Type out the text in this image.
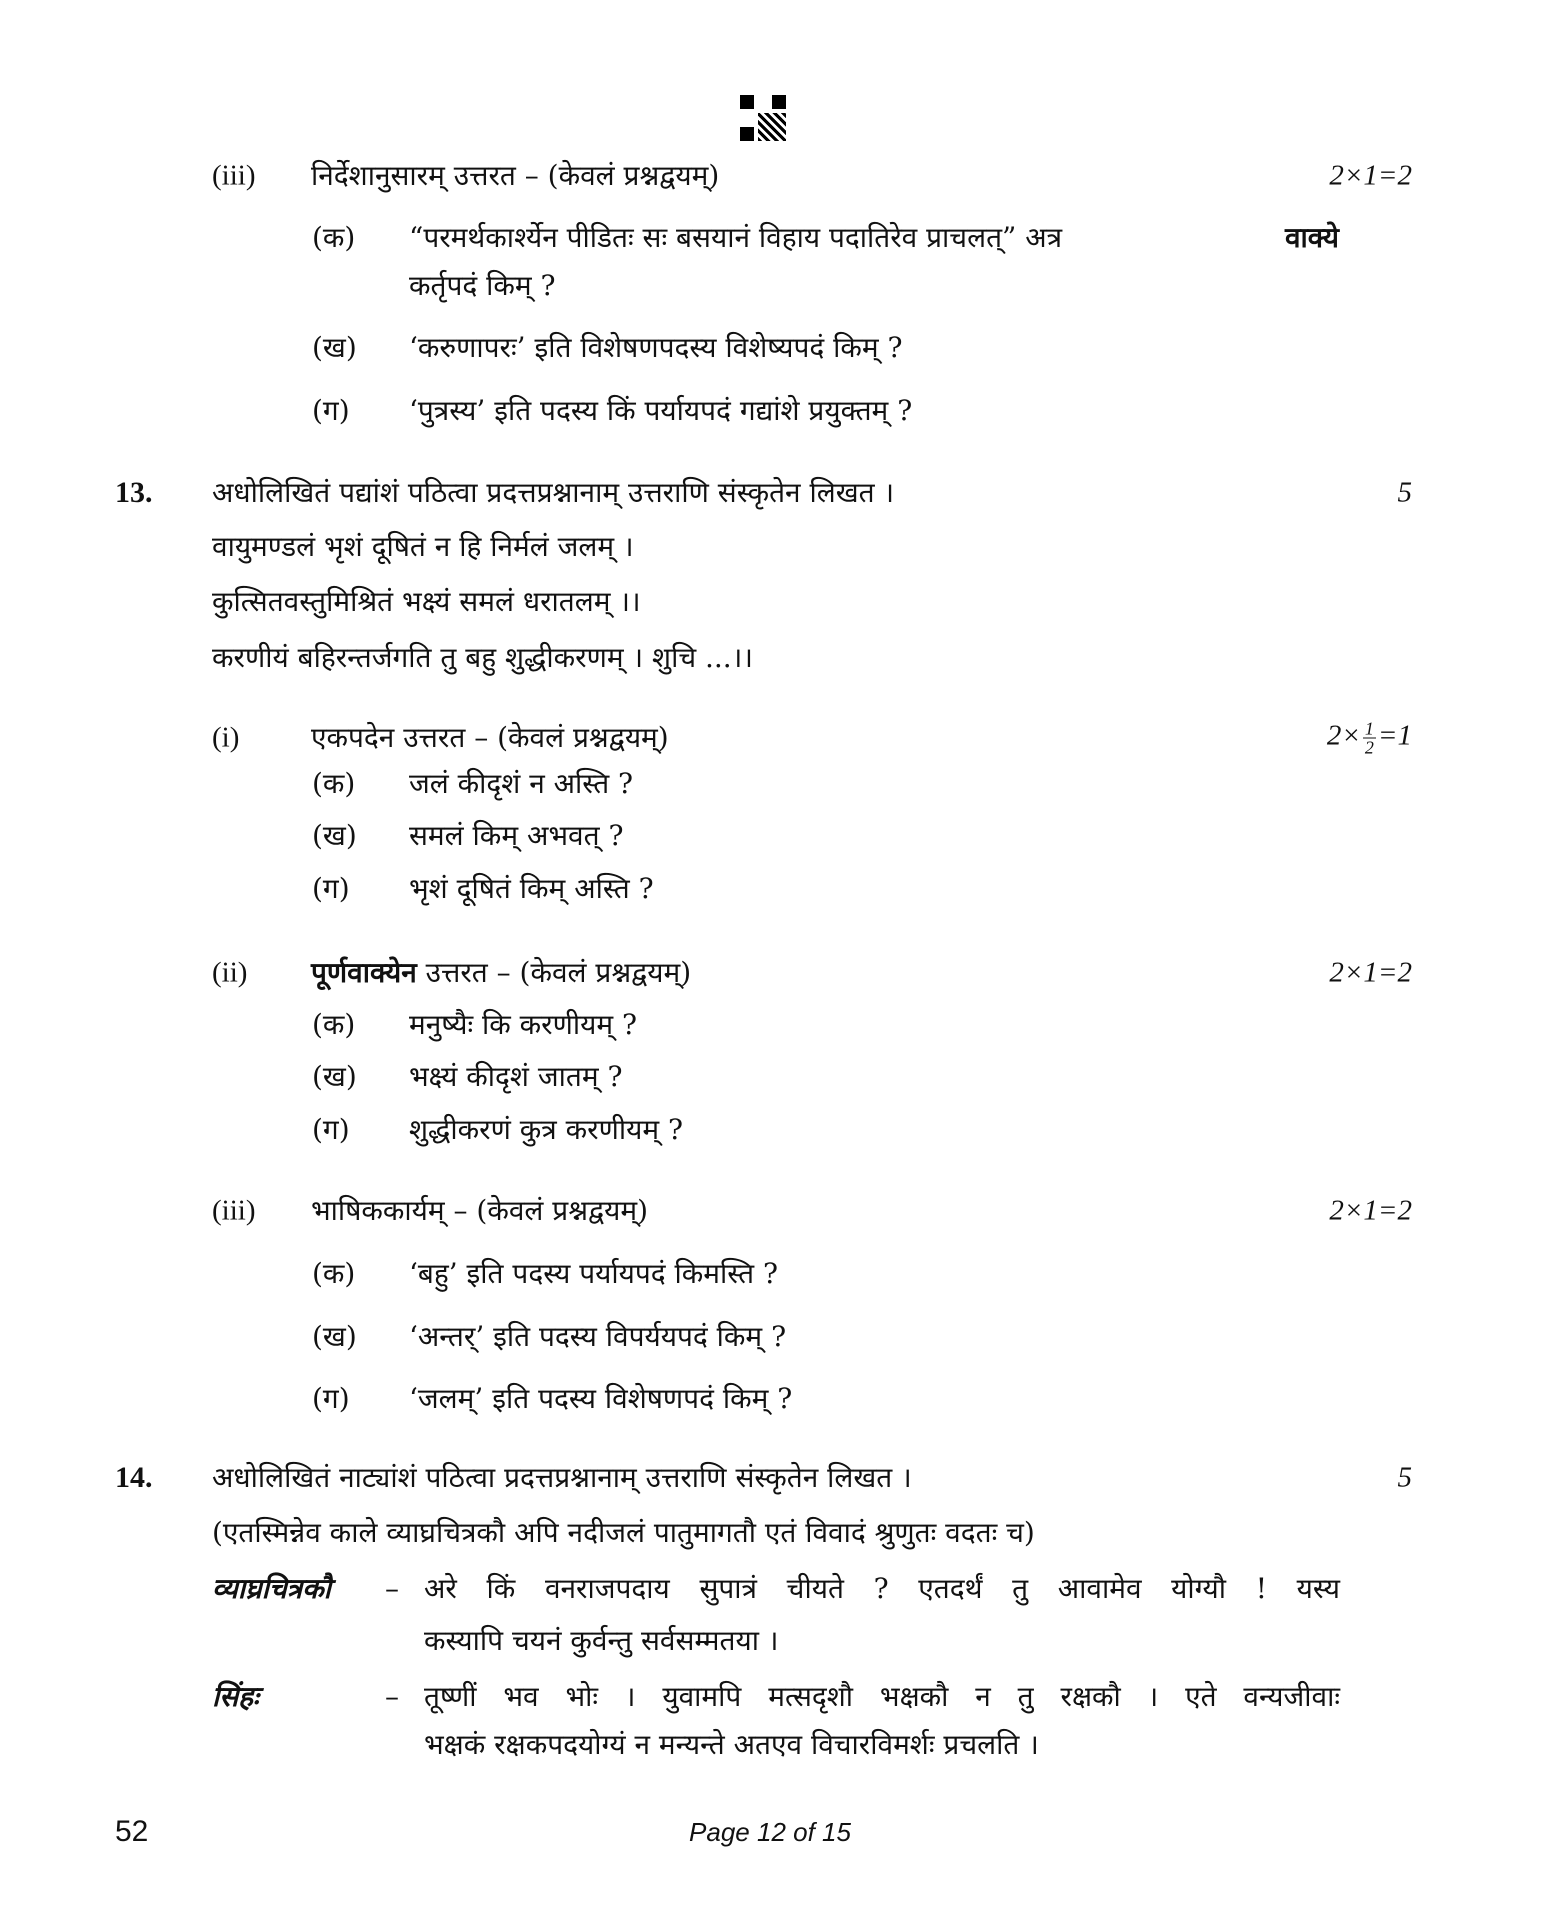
(iii) निर्देशानुसारम् उत्तरत – (केवलं प्रश्नद्वयम्)	2×1=2
(क) “परमर्थकार्श्येन पीडितः सः बसयानं विहाय पदातिरेव प्राचलत्” अत्र	वाक्ये
कर्तृपदं किम् ?
(ख) ‘करुणापरः’ इति विशेषणपदस्य विशेष्यपदं किम् ?
(ग) ‘पुत्रस्य’ इति पदस्य किं पर्यायपदं गद्यांशे प्रयुक्तम् ?
13. अधोलिखितं पद्यांशं पठित्वा प्रदत्तप्रश्नानाम् उत्तराणि संस्कृतेन लिखत ।	5
वायुमण्डलं भृशं दूषितं न हि निर्मलं जलम् ।
कुत्सितवस्तुमिश्रितं भक्ष्यं समलं धरातलम् ।।
करणीयं बहिरन्तर्जगति तु बहु शुद्धीकरणम् । शुचि ...।।
(i)	एकपदेन उत्तरत – (केवलं प्रश्नद्वयम्)	$2\times \frac{1}{2} =1$
(क) जलं कीदृशं न अस्ति ?
(ख) समलं किम् अभवत् ?
(ग) भृशं दूषितं किम् अस्ति ?
(ii) पूर्णवाक्येन उत्तरत – (केवलं प्रश्नद्वयम्)	2×1=2
(क) मनुष्यैः कि करणीयम् ?
(ख) भक्ष्यं कीदृशं जातम् ?
(ग) शुद्धीकरणं कुत्र करणीयम् ?
(iii) भाषिककार्यम् – (केवलं प्रश्नद्वयम्)	2×1=2
(क) ‘बहु’ इति पदस्य पर्यायपदं किमस्ति ?
(ख) ‘अन्तर्’ इति पदस्य विपर्ययपदं किम् ?
(ग) ‘जलम्’ इति पदस्य विशेषणपदं किम् ?
14. अधोलिखितं नाट्यांशं पठित्वा प्रदत्तप्रश्नानाम् उत्तराणि संस्कृतेन लिखत ।	5
(एतस्मिन्नेव काले व्याघ्रचित्रकौ अपि नदीजलं पातुमागतौ एतं विवादं श्रुणुतः वदतः च)
व्याघ्रचित्रकौ – अरे किं वनराजपदाय सुपात्रं चीयते ? एतदर्थं तु आवामेव योग्यौ ! यस्य
कस्यापि चयनं कुर्वन्तु सर्वसम्मतया ।
सिंहः	– तूष्णीं भव भोः । युवामपि मत्सदृशौ भक्षकौ न तु रक्षकौ । एते वन्यजीवाः
भक्षकं रक्षकपदयोग्यं न मन्यन्ते अतएव विचारविमर्शः प्रचलति ।
52	Page 12 of 15
